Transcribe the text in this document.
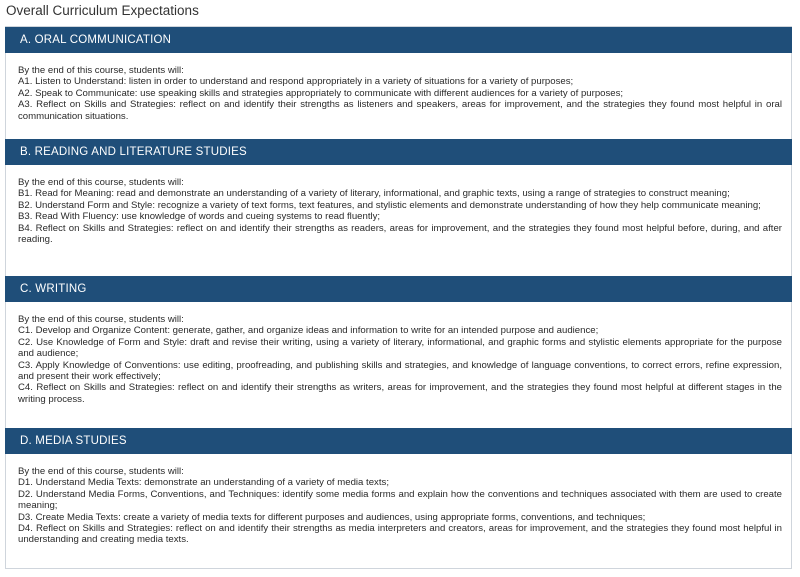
Overall Curriculum Expectations
A. ORAL COMMUNICATION
By the end of this course, students will:
A1. Listen to Understand: listen in order to understand and respond appropriately in a variety of situations for a variety of purposes;
A2. Speak to Communicate: use speaking skills and strategies appropriately to communicate with different audiences for a variety of purposes;
A3. Reflect on Skills and Strategies: reflect on and identify their strengths as listeners and speakers, areas for improvement, and the strategies they found most helpful in oral communication situations.
B. READING AND LITERATURE STUDIES
By the end of this course, students will:
B1. Read for Meaning: read and demonstrate an understanding of a variety of literary, informational, and graphic texts, using a range of strategies to construct meaning;
B2. Understand Form and Style: recognize a variety of text forms, text features, and stylistic elements and demonstrate understanding of how they help communicate meaning;
B3. Read With Fluency: use knowledge of words and cueing systems to read fluently;
B4. Reflect on Skills and Strategies: reflect on and identify their strengths as readers, areas for improvement, and the strategies they found most helpful before, during, and after reading.
C. WRITING
By the end of this course, students will:
C1. Develop and Organize Content: generate, gather, and organize ideas and information to write for an intended purpose and audience;
C2. Use Knowledge of Form and Style: draft and revise their writing, using a variety of literary, informational, and graphic forms and stylistic elements appropriate for the purpose and audience;
C3. Apply Knowledge of Conventions: use editing, proofreading, and publishing skills and strategies, and knowledge of language conventions, to correct errors, refine expression, and present their work effectively;
C4. Reflect on Skills and Strategies: reflect on and identify their strengths as writers, areas for improvement, and the strategies they found most helpful at different stages in the writing process.
D. MEDIA STUDIES
By the end of this course, students will:
D1. Understand Media Texts: demonstrate an understanding of a variety of media texts;
D2. Understand Media Forms, Conventions, and Techniques: identify some media forms and explain how the conventions and techniques associated with them are used to create meaning;
D3. Create Media Texts: create a variety of media texts for different purposes and audiences, using appropriate forms, conventions, and techniques;
D4. Reflect on Skills and Strategies: reflect on and identify their strengths as media interpreters and creators, areas for improvement, and the strategies they found most helpful in understanding and creating media texts.
